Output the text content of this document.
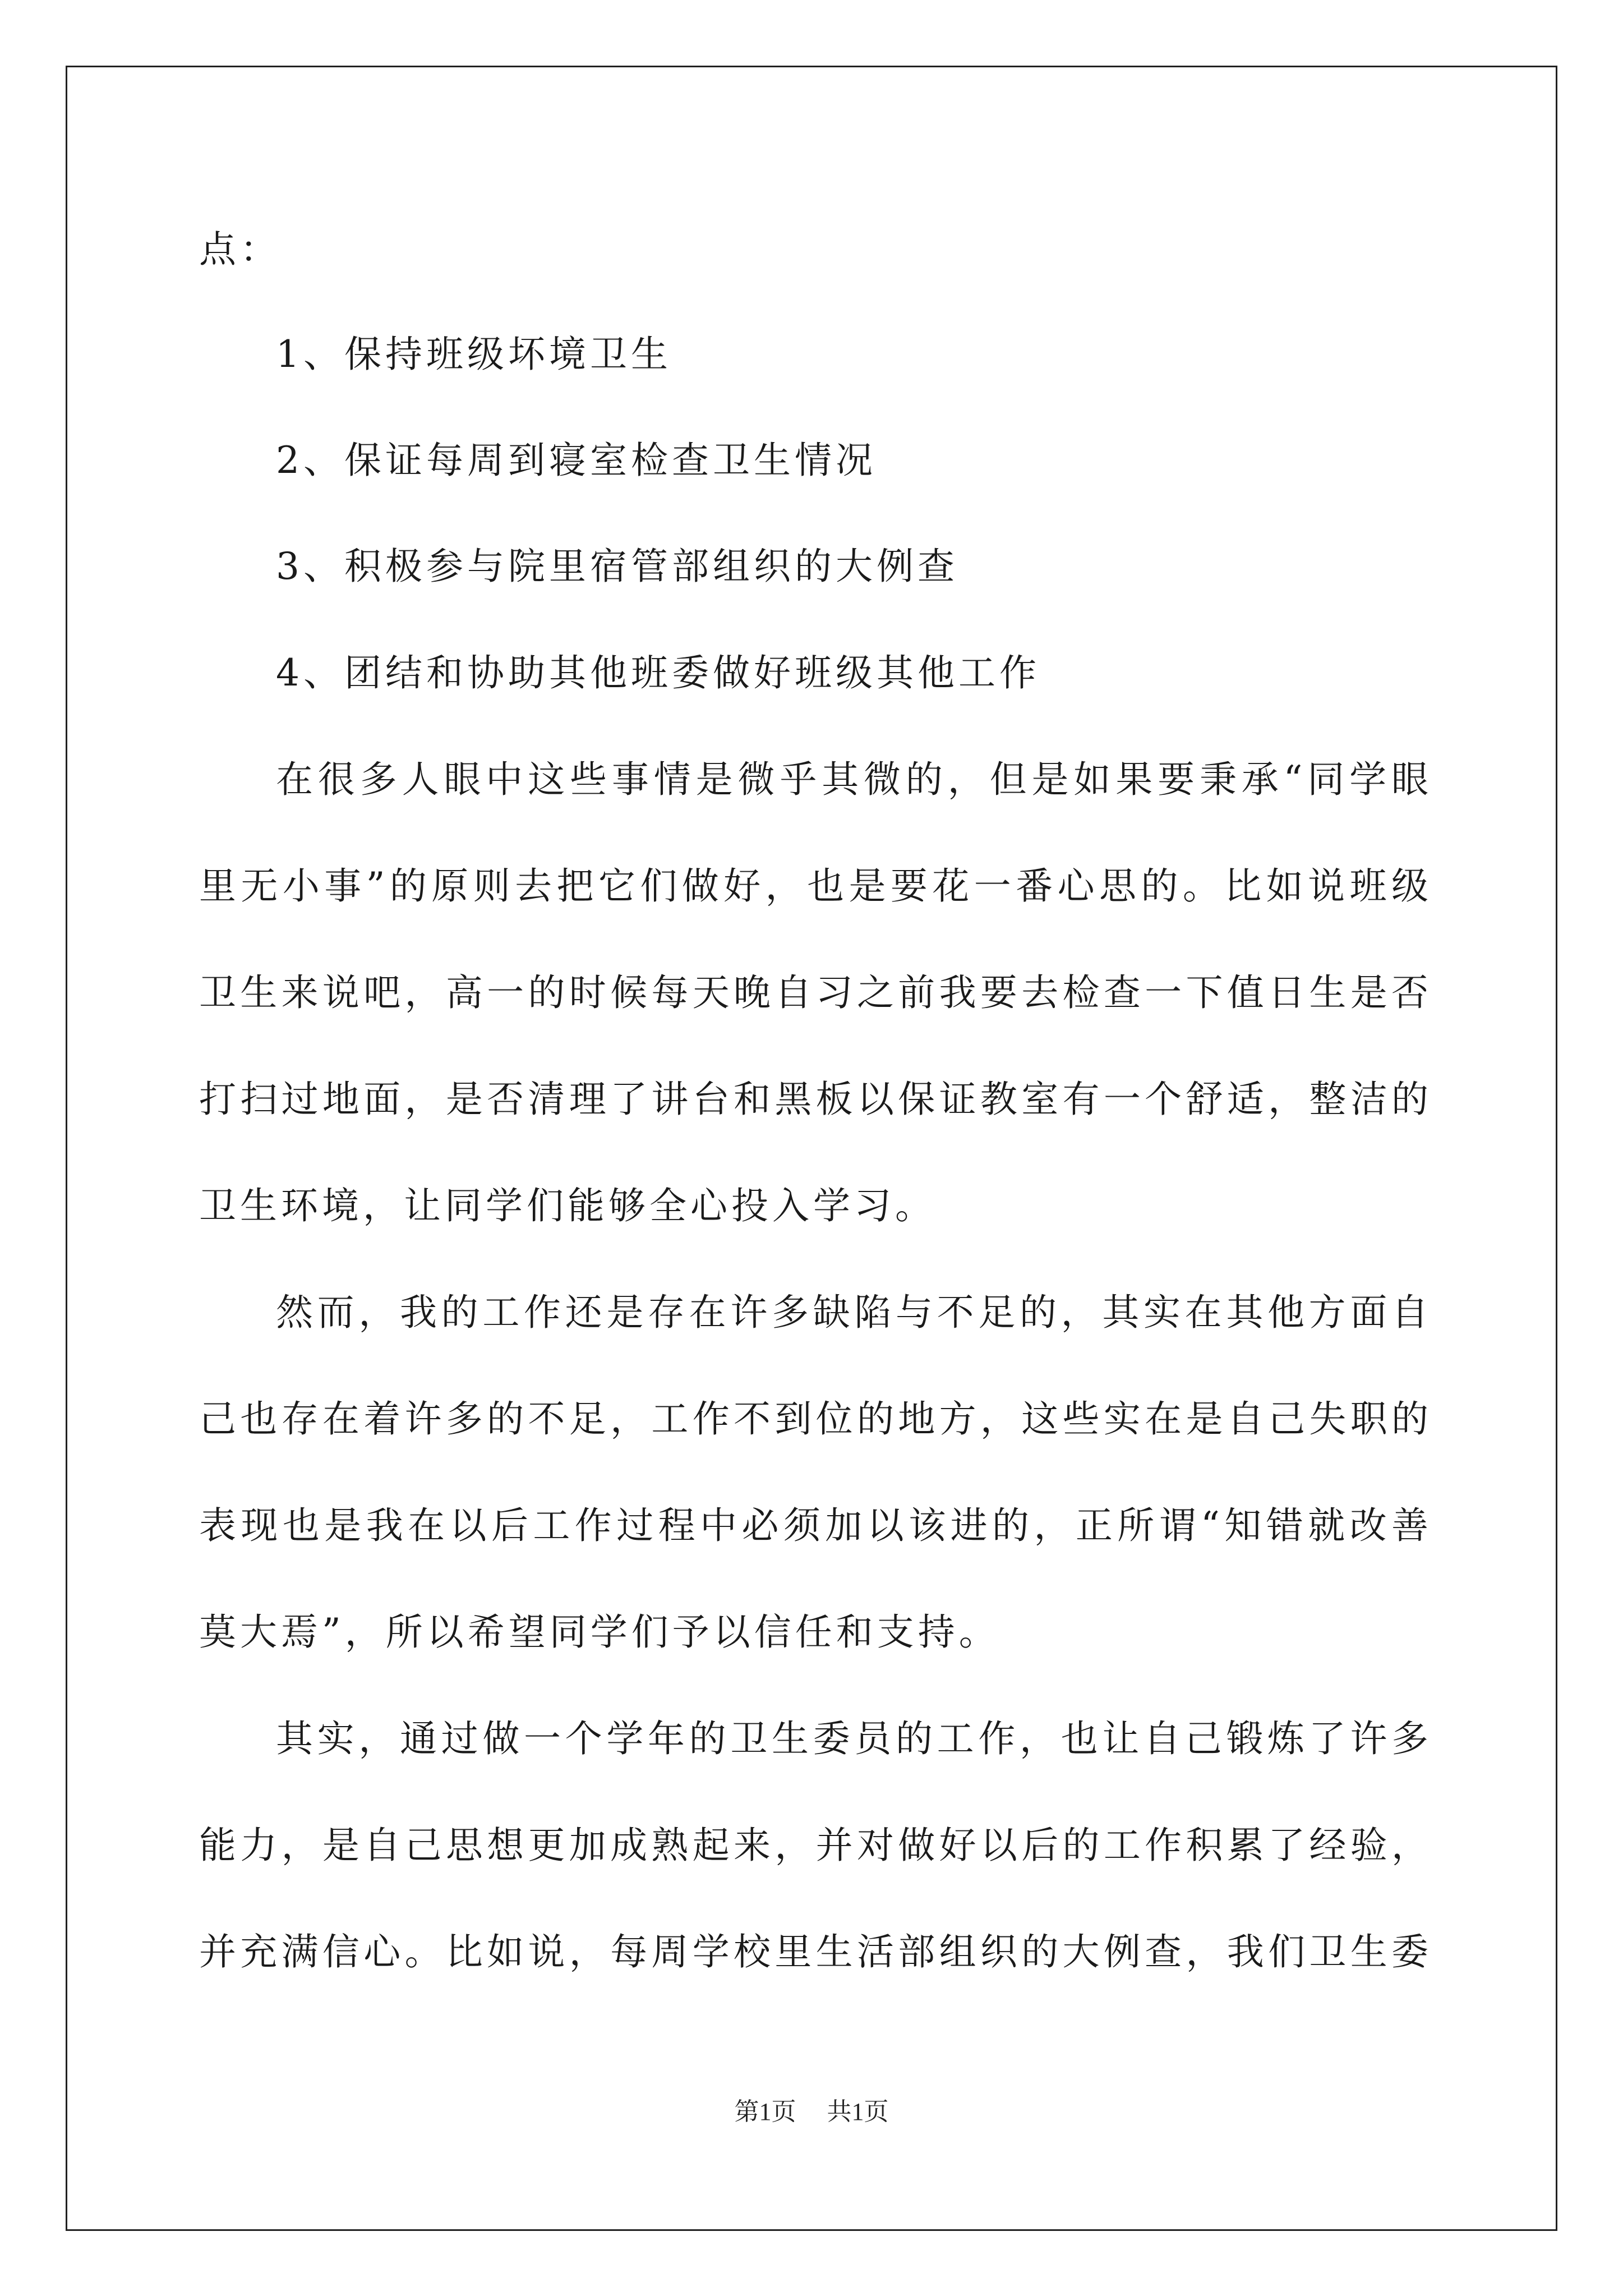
点：

1、保持班级坏境卫生

2、保证每周到寝室检查卫生情况

3、积极参与院里宿管部组织的大例查

4、团结和协助其他班委做好班级其他工作

在很多人眼中这些事情是微乎其微的，但是如果要秉承“同学眼

里无小事”的原则去把它们做好，也是要花一番心思的。比如说班级

卫生来说吧，高一的时候每天晚自习之前我要去检查一下值日生是否

打扫过地面，是否清理了讲台和黑板以保证教室有一个舒适，整洁的

卫生环境，让同学们能够全心投入学习。

然而，我的工作还是存在许多缺陷与不足的，其实在其他方面自

己也存在着许多的不足，工作不到位的地方，这些实在是自己失职的

表现也是我在以后工作过程中必须加以该进的，正所谓“知错就改善

莫大焉”，所以希望同学们予以信任和支持。

其实，通过做一个学年的卫生委员的工作，也让自己锻炼了许多

能力，是自己思想更加成熟起来，并对做好以后的工作积累了经验，

并充满信心。比如说，每周学校里生活部组织的大例查，我们卫生委

第1页 共1页
